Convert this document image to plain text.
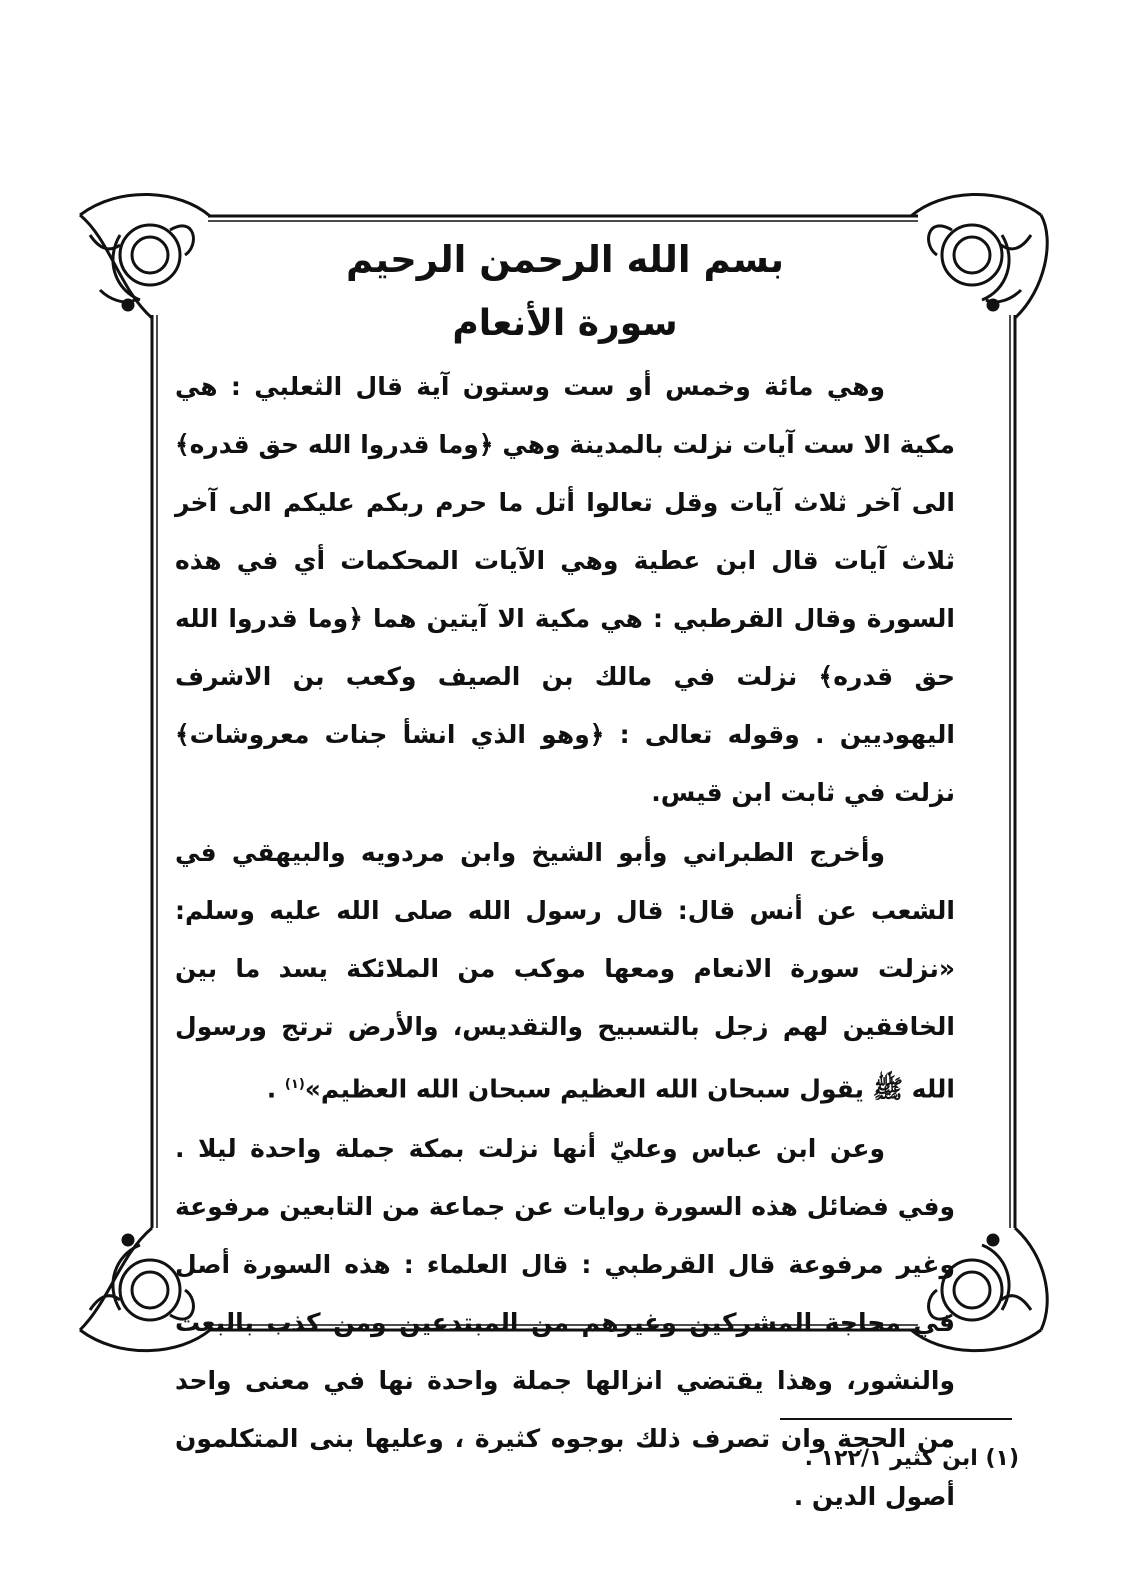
بسم الله الرحمن الرحيم
سورة الأنعام

وهي مائة وخمس أو ست وستون آية قال الثعلبي : هي مكية الا ست آيات نزلت بالمدينة وهي ﴿وما قدروا الله حق قدره﴾ الى آخر ثلاث آيات وقل تعالوا أتل ما حرم ربكم عليكم الى آخر ثلاث آيات قال ابن عطية وهي الآيات المحكمات أي في هذه السورة وقال القرطبي : هي مكية الا آيتين هما ﴿وما قدروا الله حق قدره﴾ نزلت في مالك بن الصيف وكعب بن الاشرف اليهوديين . وقوله تعالى : ﴿وهو الذي انشأ جنات معروشات﴾ نزلت في ثابت ابن قيس.

وأخرج الطبراني وأبو الشيخ وابن مردويه والبيهقي في الشعب عن أنس قال: قال رسول الله صلى الله عليه وسلم: «نزلت سورة الانعام ومعها موكب من الملائكة يسد ما بين الخافقين لهم زجل بالتسبيح والتقديس، والأرض ترتج ورسول الله ﷺ يقول سبحان الله العظيم سبحان الله العظيم»$^{(١)}$ .

وعن ابن عباس وعليّ أنها نزلت بمكة جملة واحدة ليلا . وفي فضائل هذه السورة روايات عن جماعة من التابعين مرفوعة وغير مرفوعة قال القرطبي : قال العلماء : هذه السورة أصل في محاجة المشركين وغيرهم من المبتدعين ومن كذب بالبعث والنشور، وهذا يقتضي انزالها جملة واحدة نها في معنى واحد من الحجة وان تصرف ذلك بوجوه كثيرة ، وعليها بنى المتكلمون أصول الدين .

(١) ابن كثير ١٢٢/١ .
